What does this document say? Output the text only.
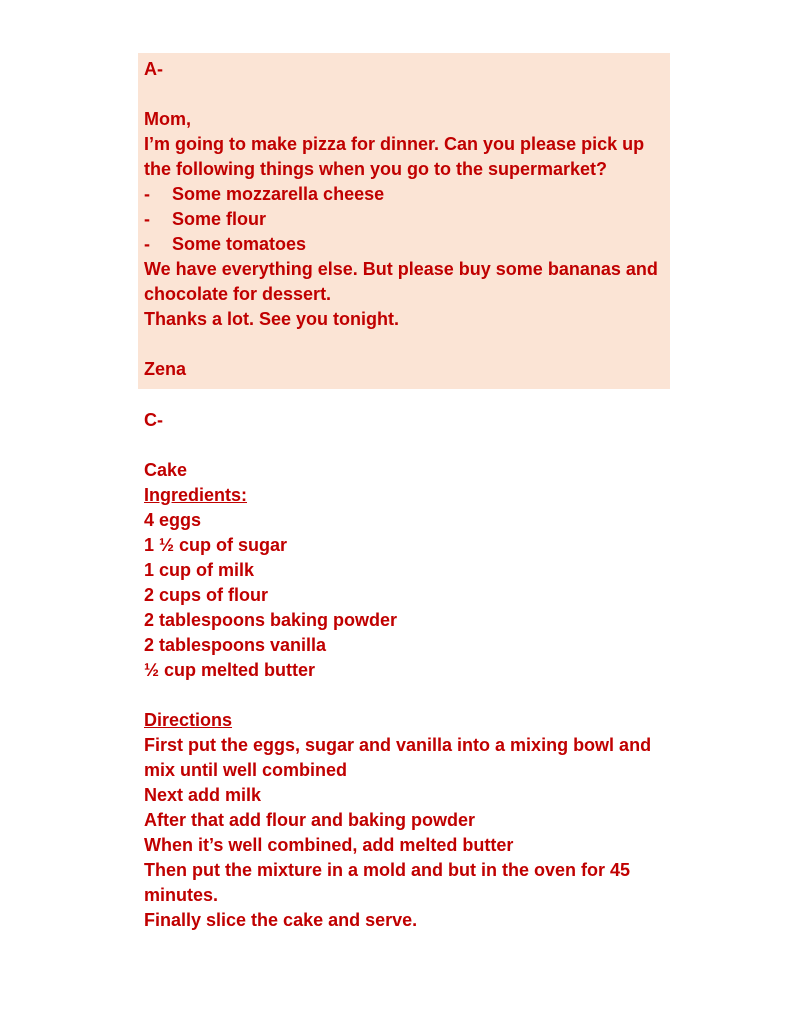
A-
Mom,
I’m going to make pizza for dinner. Can you please pick up the following things when you go to the supermarket?
-	Some mozzarella cheese
-	Some flour
-	Some tomatoes
We have everything else. But please buy some bananas and chocolate for dessert.
Thanks a lot. See you tonight.
Zena
C-
Cake
Ingredients:
4 eggs
1 ½ cup of sugar
1 cup of milk
2 cups of flour
2 tablespoons baking powder
2 tablespoons vanilla
½ cup melted butter
Directions
First put the eggs, sugar and vanilla into a mixing bowl and mix until well combined
Next add milk
After that add flour and baking powder
When it’s well combined, add melted butter
Then put the mixture in a mold and but in the oven for 45 minutes.
Finally slice the cake and serve.
